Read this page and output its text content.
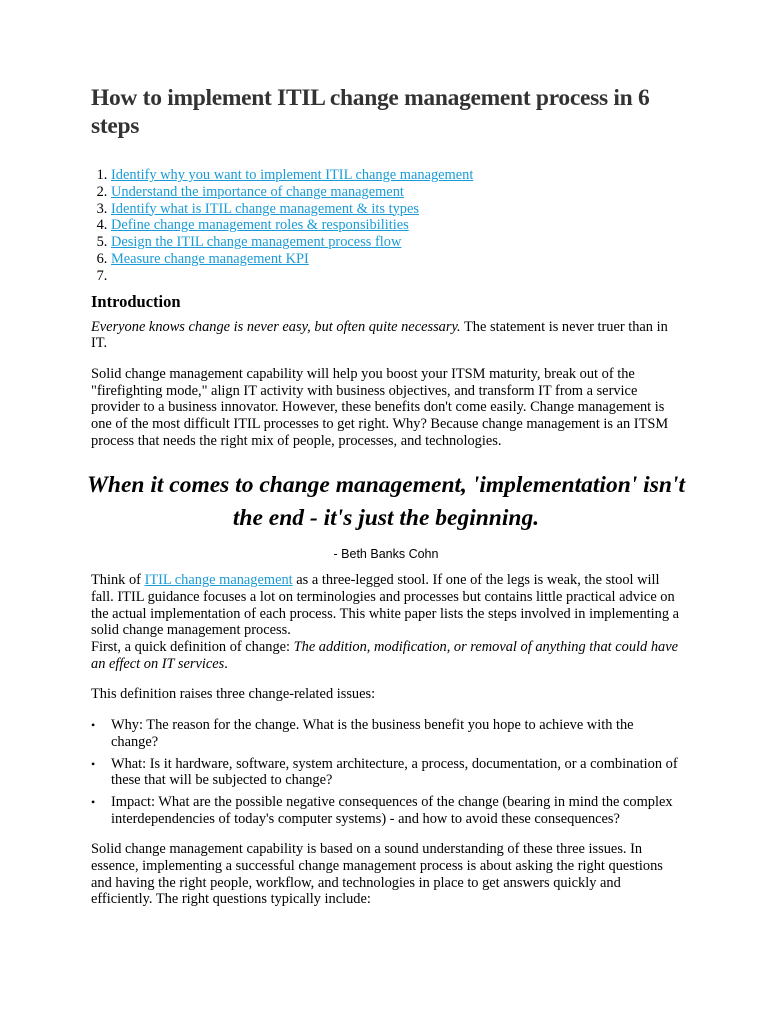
How to implement ITIL change management process in 6 steps
1. Identify why you want to implement ITIL change management
2. Understand the importance of change management
3. Identify what is ITIL change management & its types
4. Define change management roles & responsibilities
5. Design the ITIL change management process flow
6. Measure change management KPI
7.
Introduction

Everyone knows change is never easy, but often quite necessary. The statement is never truer than in IT.

Solid change management capability will help you boost your ITSM maturity, break out of the "firefighting mode," align IT activity with business objectives, and transform IT from a service provider to a business innovator. However, these benefits don't come easily. Change management is one of the most difficult ITIL processes to get right. Why? Because change management is an ITSM process that needs the right mix of people, processes, and technologies.

When it comes to change management, 'implementation' isn't the end - it's just the beginning.
- Beth Banks Cohn

Think of ITIL change management as a three-legged stool. If one of the legs is weak, the stool will fall. ITIL guidance focuses a lot on terminologies and processes but contains little practical advice on the actual implementation of each process. This white paper lists the steps involved in implementing a solid change management process.

First, a quick definition of change: The addition, modification, or removal of anything that could have an effect on IT services.

This definition raises three change-related issues:

• Why: The reason for the change. What is the business benefit you hope to achieve with the change?
• What: Is it hardware, software, system architecture, a process, documentation, or a combination of these that will be subjected to change?
• Impact: What are the possible negative consequences of the change (bearing in mind the complex interdependencies of today's computer systems) - and how to avoid these consequences?

Solid change management capability is based on a sound understanding of these three issues. In essence, implementing a successful change management process is about asking the right questions and having the right people, workflow, and technologies in place to get answers quickly and efficiently. The right questions typically include:
